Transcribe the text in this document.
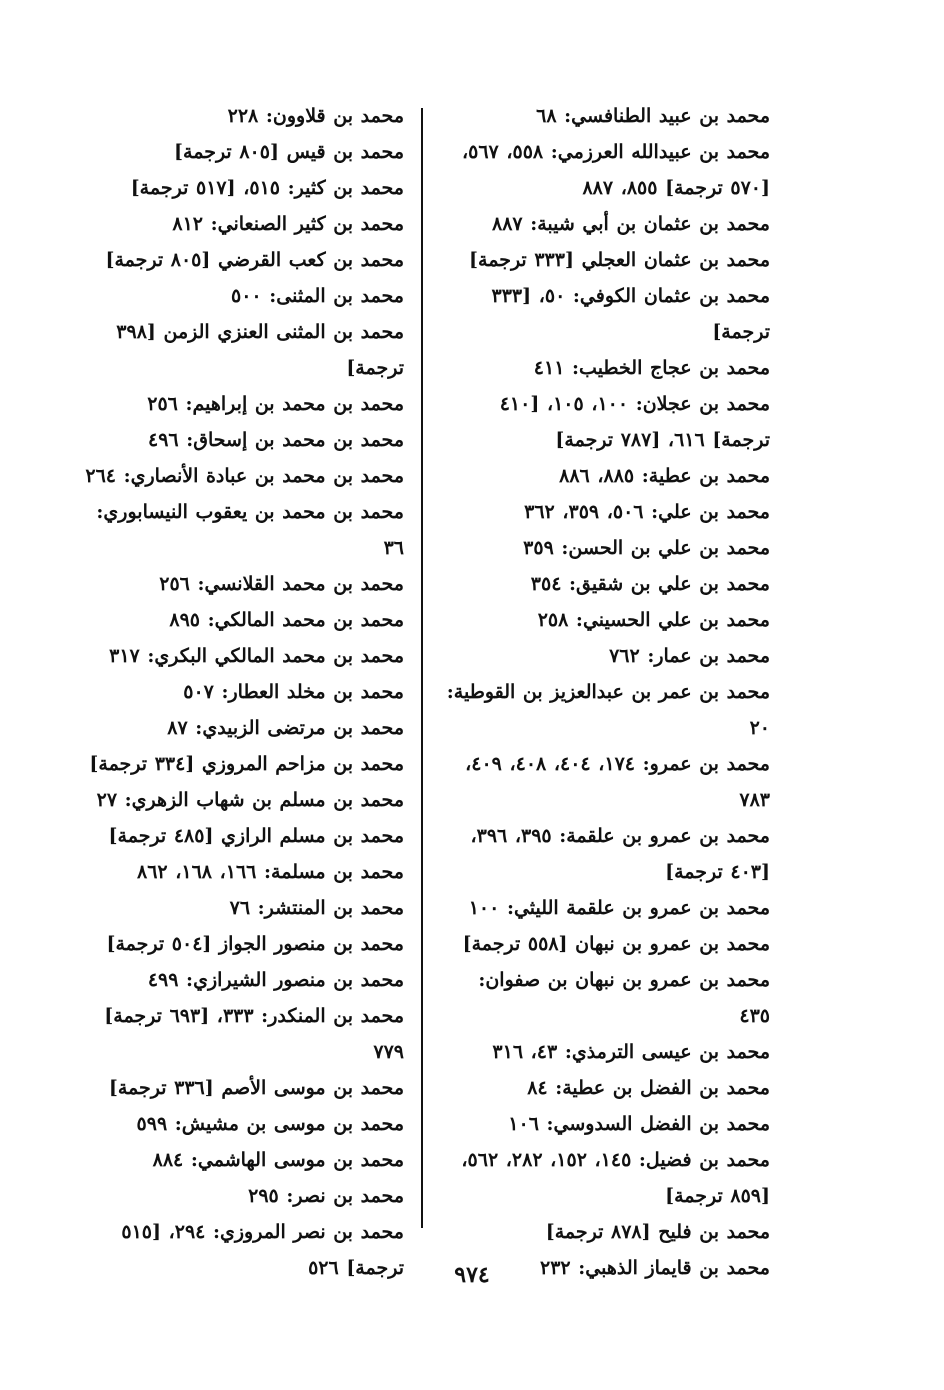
محمد بن عبيد الطنافسي: ٦٨
محمد بن عبيدالله العرزمي: ٥٥٨، ٥٦٧، [٥٧٠ ترجمة] ٨٥٥، ٨٨٧
محمد بن عثمان بن أبي شيبة: ٨٨٧
محمد بن عثمان العجلي [٣٣٣ ترجمة]
محمد بن عثمان الكوفي: ٥٠، [٣٣٣ ترجمة]
محمد بن عجاج الخطيب: ٤١١
محمد بن عجلان: ١٠٠، ١٠٥، [٤١٠ ترجمة] ٦١٦، [٧٨٧ ترجمة]
محمد بن عطية: ٨٨٥، ٨٨٦
محمد بن علي: ٥٠٦، ٣٥٩، ٣٦٢
محمد بن علي بن الحسن: ٣٥٩
محمد بن علي بن شقيق: ٣٥٤
محمد بن علي الحسيني: ٢٥٨
محمد بن عمار: ٧٦٢
محمد بن عمر بن عبدالعزيز بن القوطية: ٢٠
محمد بن عمرو: ١٧٤، ٤٠٤، ٤٠٨، ٤٠٩، ٧٨٣
محمد بن عمرو بن علقمة: ٣٩٥، ٣٩٦، [٤٠٣ ترجمة]
محمد بن عمرو بن علقمة الليثي: ١٠٠
محمد بن عمرو بن نبهان [٥٥٨ ترجمة]
محمد بن عمرو بن نبهان بن صفوان: ٤٣٥
محمد بن عيسى الترمذي: ٤٣، ٣١٦
محمد بن الفضل بن عطية: ٨٤
محمد بن الفضل السدوسي: ١٠٦
محمد بن فضيل: ١٤٥، ١٥٢، ٢٨٢، ٥٦٢، [٨٥٩ ترجمة]
محمد بن فليح [٨٧٨ ترجمة]
محمد بن قايماز الذهبي: ٢٣٢
محمد بن قلاوون: ٢٢٨
محمد بن قيس [٨٠٥ ترجمة]
محمد بن كثير: ٥١٥، [٥١٧ ترجمة]
محمد بن كثير الصنعاني: ٨١٢
محمد بن كعب القرضي [٨٠٥ ترجمة]
محمد بن المثنى: ٥٠٠
محمد بن المثنى العنزي الزمن [٣٩٨ ترجمة]
محمد بن محمد بن إبراهيم: ٢٥٦
محمد بن محمد بن إسحاق: ٤٩٦
محمد بن محمد بن عبادة الأنصاري: ٢٦٤
محمد بن محمد بن يعقوب النيسابوري: ٣٦
محمد بن محمد القلانسي: ٢٥٦
محمد بن محمد المالكي: ٨٩٥
محمد بن محمد المالكي البكري: ٣١٧
محمد بن مخلد العطار: ٥٠٧
محمد بن مرتضى الزبيدي: ٨٧
محمد بن مزاحم المروزي [٣٣٤ ترجمة]
محمد بن مسلم بن شهاب الزهري: ٢٧
محمد بن مسلم الرازي [٤٨٥ ترجمة]
محمد بن مسلمة: ١٦٦، ١٦٨، ٨٦٢
محمد بن المنتشر: ٧٦
محمد بن منصور الجواز [٥٠٤ ترجمة]
محمد بن منصور الشيرازي: ٤٩٩
محمد بن المنكدر: ٣٣٣، [٦٩٣ ترجمة] ٧٧٩
محمد بن موسى الأصم [٣٣٦ ترجمة]
محمد بن موسى بن مشيش: ٥٩٩
محمد بن موسى الهاشمي: ٨٨٤
محمد بن نصر: ٢٩٥
محمد بن نصر المروزي: ٢٩٤، [٥١٥ ترجمة] ٥٢٦	٩٧٤
